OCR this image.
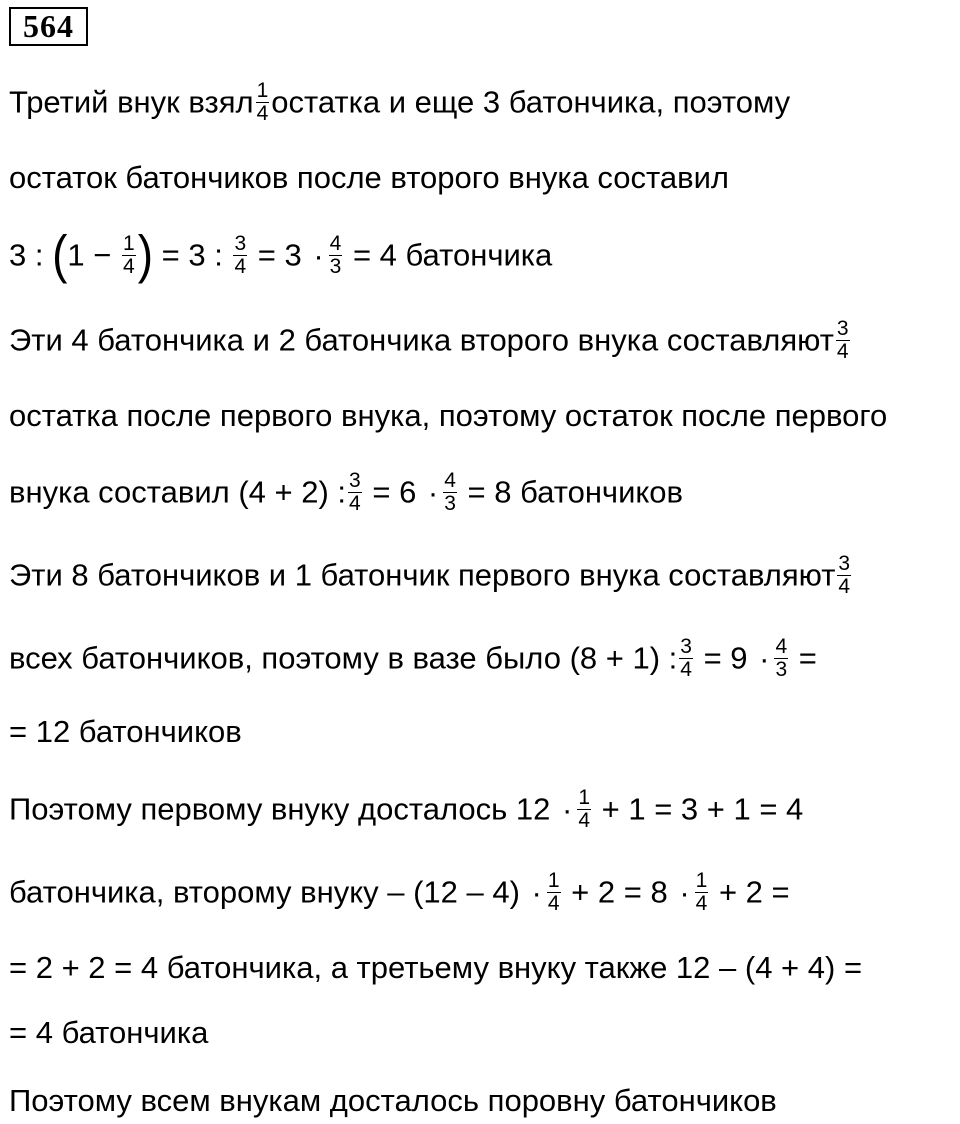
564
Третий внук взял $\frac{1}{4}$ остатка и еще 3 батончика, поэтому
остаток батончиков после второго внука составил
3 : ($1 - \frac{1}{4}$ ) = 3 : $\frac{3}{4} = 3 \cdot \frac{4}{3} = 4$ батончика
Эти 4 батончика и 2 батончика второго внука составляют $\frac{3}{4}$
остатка после первого внука, поэтому остаток после первого
внука составил (4 + 2) : $\frac{3}{4} = 6 \cdot \frac{4}{3} = 8$ батончиков
Эти 8 батончиков и 1 батончик первого внука составляют $\frac{3}{4}$
всех батончиков, поэтому в вазе было (8 + 1) : $\frac{3}{4} = 9 \cdot \frac{4}{3}$ =
= 12 батончиков
Поэтому первому внуку досталось $12 \cdot \frac{1}{4} + 1 = 3 + 1 = 4$
батончика, второму внуку – $(12 - 4) \cdot \frac{1}{4} + 2 = 8 \cdot \frac{1}{4} + 2$ =
= 2 + 2 = 4 батончика, а третьему внуку также 12 – (4 + 4) =
= 4 батончика
Поэтому всем внукам досталось поровну батончиков
